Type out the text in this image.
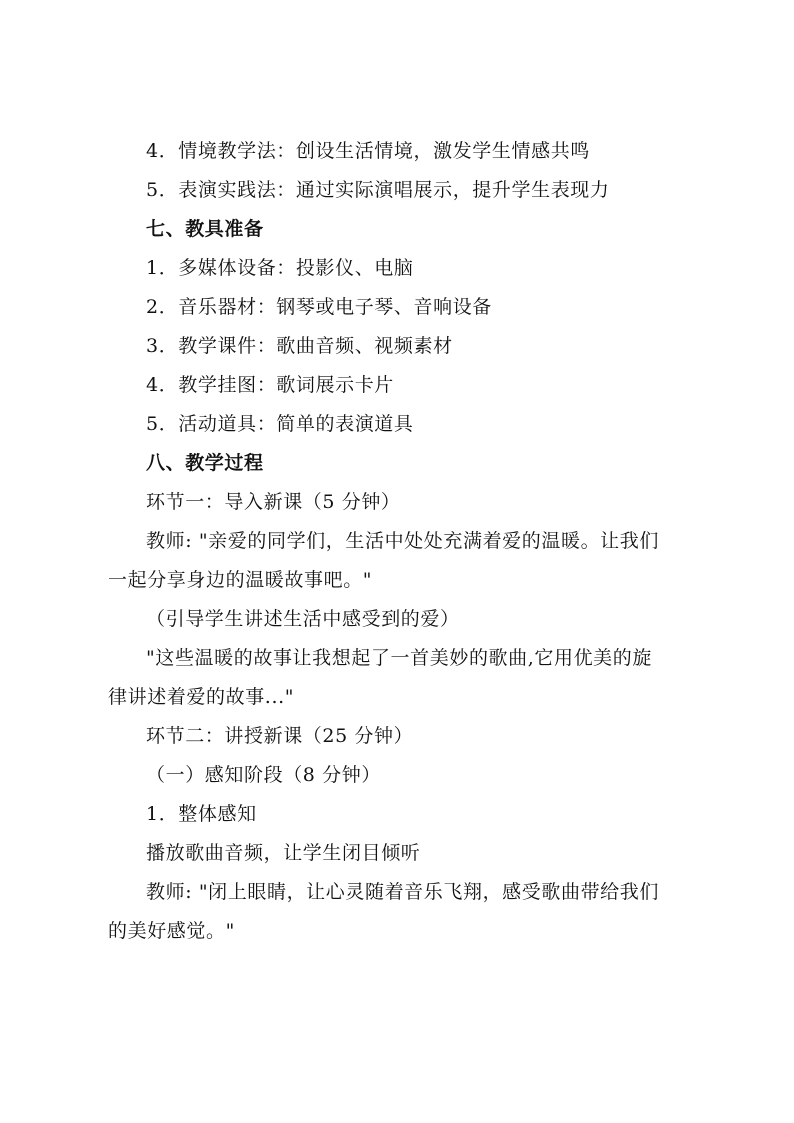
4．情境教学法：创设生活情境，激发学生情感共鸣
5．表演实践法：通过实际演唱展示，提升学生表现力
七、教具准备
1．多媒体设备：投影仪、电脑
2．音乐器材：钢琴或电子琴、音响设备
3．教学课件：歌曲音频、视频素材
4．教学挂图：歌词展示卡片
5．活动道具：简单的表演道具
八、教学过程
环节一：导入新课（5 分钟）
教师: "亲爱的同学们，生活中处处充满着爱的温暖。让我们
一起分享身边的温暖故事吧。"
（引导学生讲述生活中感受到的爱）
"这些温暖的故事让我想起了一首美妙的歌曲,它用优美的旋
律讲述着爱的故事..."
环节二：讲授新课（25 分钟）
（一）感知阶段（8 分钟）
1．整体感知
播放歌曲音频，让学生闭目倾听
教师: "闭上眼睛，让心灵随着音乐飞翔，感受歌曲带给我们
的美好感觉。"
